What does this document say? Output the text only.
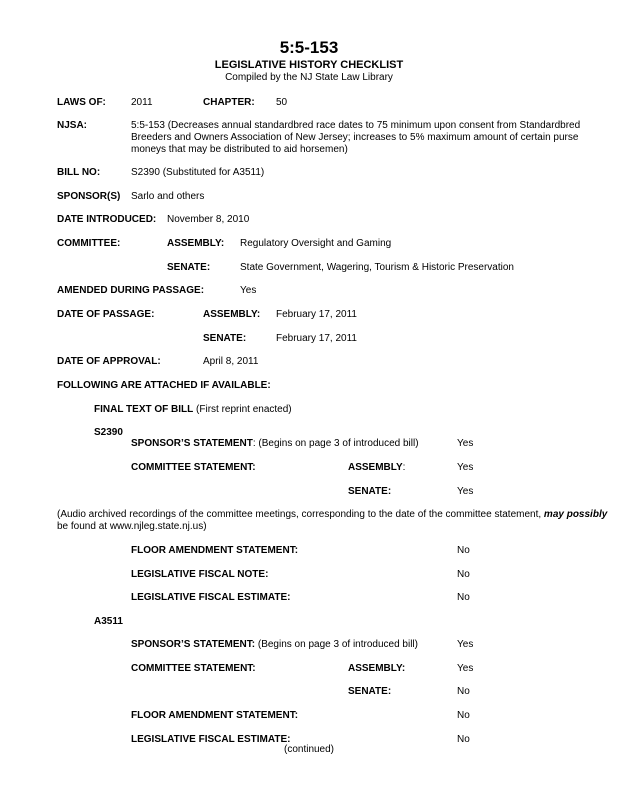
5:5-153
LEGISLATIVE HISTORY CHECKLIST
Compiled by the NJ State Law Library
LAWS OF:	2011	CHAPTER: 50
NJSA:	5:5-153 (Decreases annual standardbred race dates to 75 minimum upon consent from Standardbred
Breeders and Owners Association of New Jersey; increases to 5% maximum amount of certain purse
moneys that may be distributed to aid horsemen)
BILL NO:	S2390 (Substituted for A3511)
SPONSOR(S) Sarlo and others
DATE INTRODUCED: November 8, 2010
COMMITTEE:	ASSEMBLY: Regulatory Oversight and Gaming
SENATE:	State Government, Wagering, Tourism & Historic Preservation
AMENDED DURING PASSAGE:	Yes
DATE OF PASSAGE:	ASSEMBLY: February 17, 2011
SENATE:	February 17, 2011
DATE OF APPROVAL:	April 8, 2011
FOLLOWING ARE ATTACHED IF AVAILABLE:
FINAL TEXT OF BILL (First reprint enacted)
S2390
SPONSOR’S STATEMENT: (Begins on page 3 of introduced bill)	Yes
COMMITTEE STATEMENT:	ASSEMBLY:	Yes
SENATE:	Yes
(Audio archived recordings of the committee meetings, corresponding to the date of the committee statement, may possibly
be found at www.njleg.state.nj.us)
FLOOR AMENDMENT STATEMENT:	No
LEGISLATIVE FISCAL NOTE:	No
LEGISLATIVE FISCAL ESTIMATE:	No
A3511
SPONSOR’S STATEMENT: (Begins on page 3 of introduced bill)	Yes
COMMITTEE STATEMENT:	ASSEMBLY:	Yes
SENATE:	No
FLOOR AMENDMENT STATEMENT:	No
LEGISLATIVE FISCAL ESTIMATE:	No
(continued)
